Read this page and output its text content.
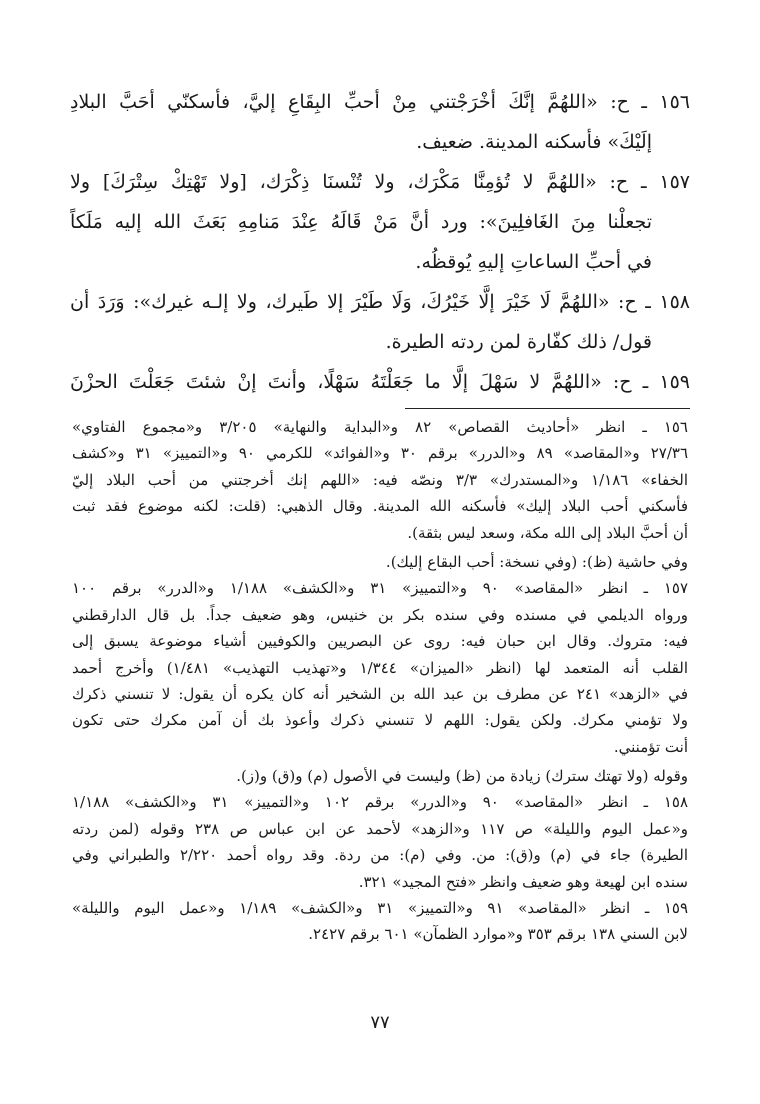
١٥٦ ـ ح: «اللهُمَّ إنَّكَ أخْرَجْتني مِنْ أحبِّ البِقَاعِ إليَّ، فأسكنّي أحَبَّ البلادِ
إلَيْكَ» فأسكنه المدينة. ضعيف.
١٥٧ ـ ح: «اللهُمَّ لا تُؤمِنَّا مَكْرَك، ولا تُنْسنَا ذِكْرَك، [ولا تَهْتِكْ سِتْرَكَ] ولا
تجعلْنا مِنَ الغَافلِينَ»: ورد أنَّ مَنْ قَالَهُ عِنْدَ مَنامِهِ بَعَثَ الله إليه مَلَكاً
في أحبِّ الساعاتِ إليهِ يُوقظُه.
١٥٨ ـ ح: «اللهُمَّ لَا خَيْرَ إلَّا خَيْرُكَ، وَلَا طَيْرَ إلا طَيرك، ولا إلـه غيرك»: وَرَدَ أن
قول/ ذلك كفّارة لمن ردته الطيرة.
١٥٩ ـ ح: «اللهُمَّ لا سَهْلَ إلَّا ما جَعَلْتَهُ سَهْلًا، وأنتَ إنْ شئتَ جَعَلْتَ الحزْنَ
١٥٦ ـ انظر «أحاديث القصاص» ٨٢ و«البداية والنهاية» ٣/٢٠٥ و«مجموع الفتاوي»
٢٧/٣٦ و«المقاصد» ٨٩ و«الدرر» برقم ٣٠ و«الفوائد» للكرمي ٩٠ و«التمييز» ٣١ و«كشف
الخفاء» ١/١٨٦ و«المستدرك» ٣/٣ ونصّه فيه: «اللهم إنك أخرجتني من أحب البلاد إليّ
فأسكني أحب البلاد إليك» فأسكنه الله المدينة. وقال الذهبي: (قلت: لكنه موضوع فقد ثبت
أن أحبَّ البلاد إلى الله مكة، وسعد ليس بثقة).
وفي حاشية (ظ): (وفي نسخة: أحب البقاع إليك).
١٥٧ ـ انظر «المقاصد» ٩٠ و«التمييز» ٣١ و«الكشف» ١/١٨٨ و«الدرر» برقم ١٠٠
ورواه الديلمي في مسنده وفي سنده بكر بن خنيس، وهو ضعيف جداً. بل قال الدارقطني
فيه: متروك. وقال ابن حبان فيه: روى عن البصريين والكوفيين أشياء موضوعة يسبق إلى
القلب أنه المتعمد لها (انظر «الميزان» ١/٣٤٤ و«تهذيب التهذيب» ١/٤٨١) وأخرج أحمد
في «الزهد» ٢٤١ عن مطرف بن عبد الله بن الشخير أنه كان يكره أن يقول: لا تنسني ذكرك
ولا تؤمني مكرك. ولكن يقول: اللهم لا تنسني ذكرك وأعوذ بك أن آمن مكرك حتى تكون
أنت تؤمنني.
وقوله (ولا تهتك سترك) زيادة من (ظ) وليست في الأصول (م) و(ق) و(ز).
١٥٨ ـ انظر «المقاصد» ٩٠ و«الدرر» برقم ١٠٢ و«التمييز» ٣١ و«الكشف» ١/١٨٨
و«عمل اليوم والليلة» ص ١١٧ و«الزهد» لأحمد عن ابن عباس ص ٢٣٨ وقوله (لمن ردته
الطيرة) جاء في (م) و(ق): من. وفي (م): من ردة. وقد رواه أحمد ٢/٢٢٠ والطبراني وفي
سنده ابن لهيعة وهو ضعيف وانظر «فتح المجيد» ٣٢١.
١٥٩ ـ انظر «المقاصد» ٩١ و«التمييز» ٣١ و«الكشف» ١/١٨٩ و«عمل اليوم والليلة»
لابن السني ١٣٨ برقم ٣٥٣ و«موارد الظمآن» ٦٠١ برقم ٢٤٢٧.
٧٧
